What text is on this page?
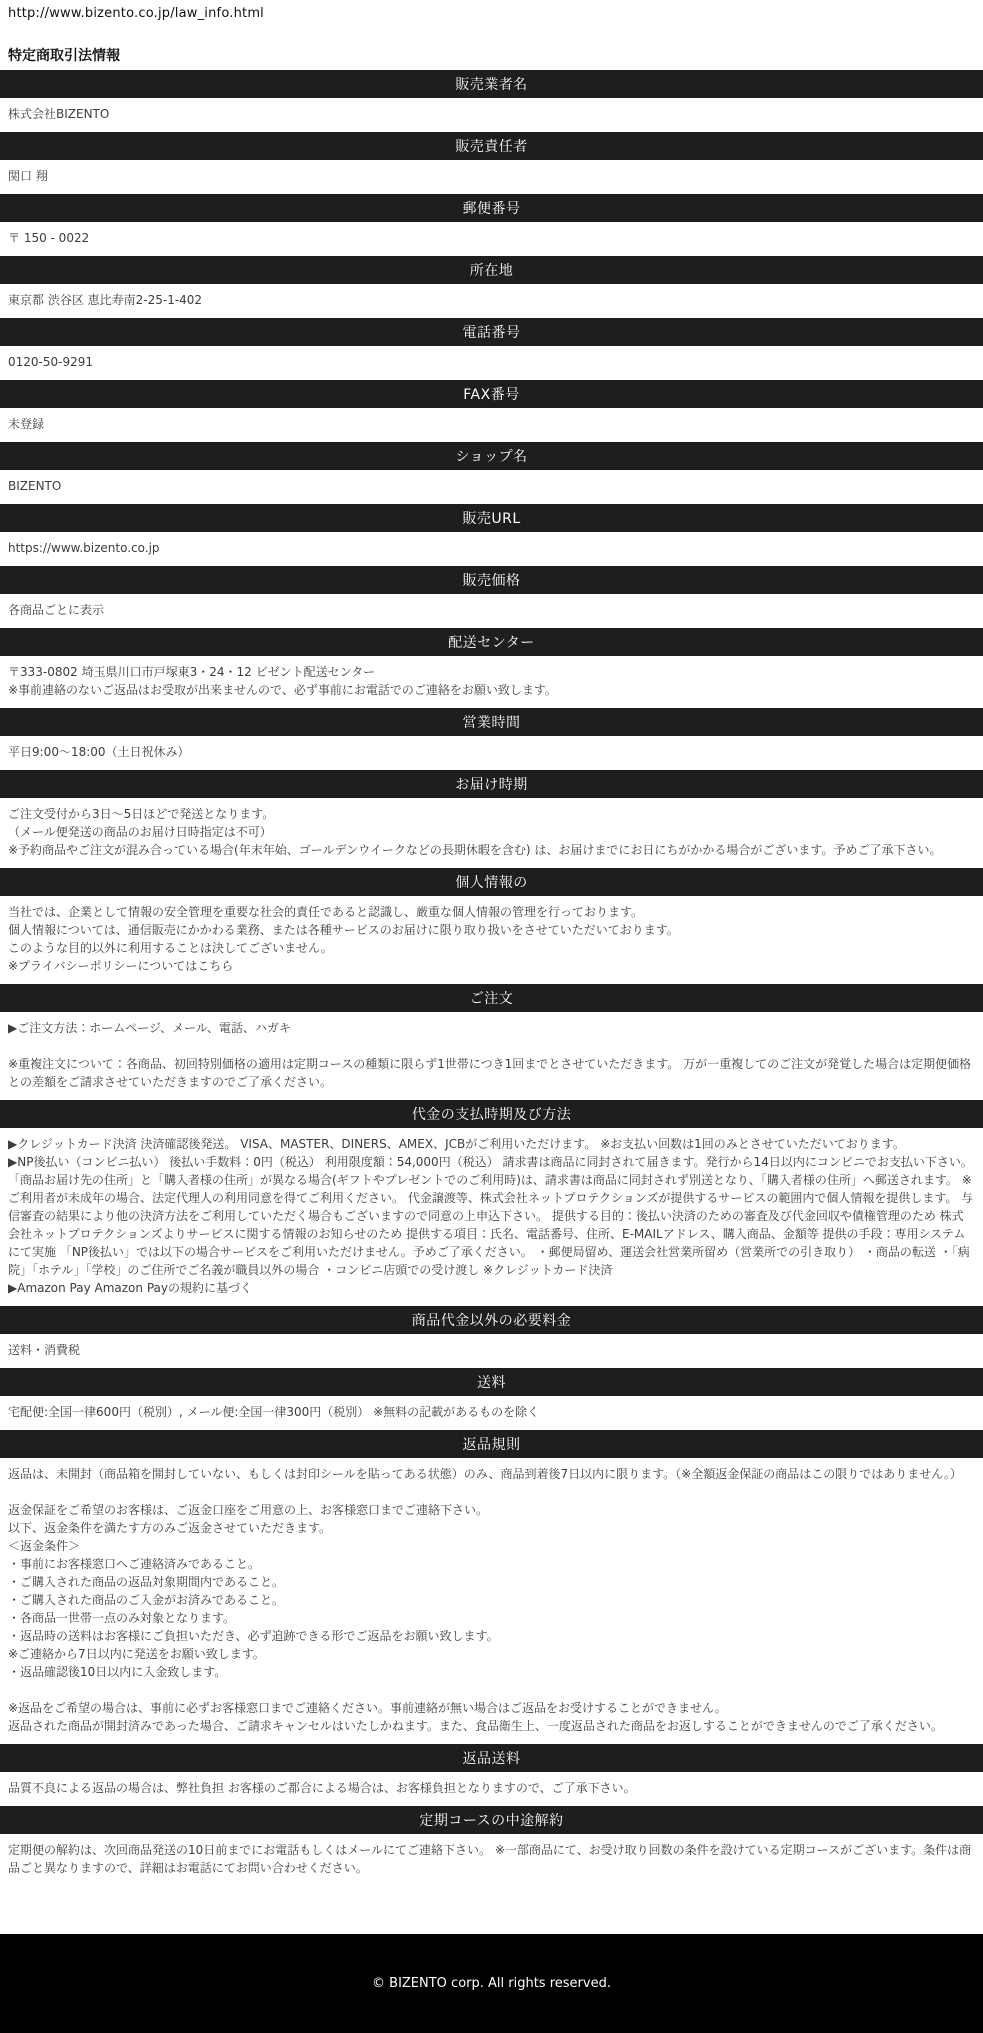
http://www.bizento.co.jp/law_info.html
特定商取引法情報
販売業者名

株式会社BIZENTO

販売責任者

関口 翔

郵便番号

〒 150 - 0022

所在地

東京都 渋谷区 恵比寿南2-25-1-402

電話番号

0120-50-9291

FAX番号

未登録

ショップ名

BIZENTO

販売URL

https://www.bizento.co.jp

販売価格

各商品ごとに表示

配送センター

〒333-0802 埼玉県川口市戸塚東3・24・12 ビゼント配送センター

※事前連絡のないご返品はお受取が出来ませんので、必ず事前にお電話でのご連絡をお願い致します。

営業時間

平日9:00〜18:00（土日祝休み）

お届け時期

ご注文受付から3日〜5日ほどで発送となります。

（メール便発送の商品のお届け日時指定は不可）

※予約商品やご注文が混み合っている場合(年末年始、ゴールデンウイークなどの長期休暇を含む) は、お届けまでにお日にちがかかる場合がございます。予めご了承下さい。

個人情報の

当社では、企業として情報の安全管理を重要な社会的責任であると認識し、厳重な個人情報の管理を行っております。

個人情報については、通信販売にかかわる業務、または各種サービスのお届けに限り取り扱いをさせていただいております。

このような目的以外に利用することは決してございません。

※プライバシーポリシーについてはこちら

ご注文

▶ご注文方法：ホームページ、メール、電話、ハガキ

※重複注文について：各商品、初回特別価格の適用は定期コースの種類に限らず1世帯につき1回までとさせていただきます。 万が一重複してのご注文が発覚した場合は定期便価格との差額をご請求させていただきますのでご了承ください。

代金の支払時期及び方法

▶クレジットカード決済 決済確認後発送。 VISA、MASTER、DINERS、AMEX、JCBがご利用いただけます。 ※お支払い回数は1回のみとさせていただいております。

▶NP後払い（コンビニ払い） 後払い手数料：0円（税込） 利用限度額：54,000円（税込） 請求書は商品に同封されて届きます。発行から14日以内にコンビニでお支払い下さい。「商品お届け先の住所」と「購入者様の住所」が異なる場合(ギフトやプレゼントでのご利用時)は、請求書は商品に同封されず別送となり、「購入者様の住所」へ郵送されます。 ※ご利用者が未成年の場合、法定代理人の利用同意を得てご利用ください。 代金譲渡等、株式会社ネットプロテクションズが提供するサービスの範囲内で個人情報を提供します。 与信審査の結果により他の決済方法をご利用していただく場合もございますので同意の上申込下さい。 提供する目的：後払い決済のための審査及び代金回収や債権管理のため 株式会社ネットプロテクションズよりサービスに関する情報のお知らせのため 提供する項目：氏名、電話番号、住所、E-MAILアドレス、購入商品、金額等 提供の手段：専用システムにて実施 「NP後払い」では以下の場合サービスをご利用いただけません。予めご了承ください。 ・郵便局留め、運送会社営業所留め（営業所での引き取り） ・商品の転送 ・「病院」「ホテル」「学校」のご住所でご名義が職員以外の場合 ・コンビニ店頭での受け渡し ※クレジットカード決済

▶Amazon Pay Amazon Payの規約に基づく

商品代金以外の必要料金

送料・消費税

送料

宅配便:全国一律600円（税別）, メール便:全国一律300円（税別） ※無料の記載があるものを除く

返品規則

返品は、未開封（商品箱を開封していない、もしくは封印シールを貼ってある状態）のみ、商品到着後7日以内に限ります。（※全額返金保証の商品はこの限りではありません。）

返金保証をご希望のお客様は、ご返金口座をご用意の上、お客様窓口までご連絡下さい。

以下、返金条件を満たす方のみご返金させていただきます。

＜返金条件＞

・事前にお客様窓口へご連絡済みであること。

・ご購入された商品の返品対象期間内であること。

・ご購入された商品のご入金がお済みであること。

・各商品一世帯一点のみ対象となります。

・返品時の送料はお客様にご負担いただき、必ず追跡できる形でご返品をお願い致します。

※ご連絡から7日以内に発送をお願い致します。

・返品確認後10日以内に入金致します。

※返品をご希望の場合は、事前に必ずお客様窓口までご連絡ください。事前連絡が無い場合はご返品をお受けすることができません。

返品された商品が開封済みであった場合、ご請求キャンセルはいたしかねます。また、食品衛生上、一度返品された商品をお返しすることができませんのでご了承ください。

返品送料

品質不良による返品の場合は、弊社負担 お客様のご都合による場合は、お客様負担となりますので、ご了承下さい。

定期コースの中途解約

定期便の解約は、次回商品発送の10日前までにお電話もしくはメールにてご連絡下さい。 ※一部商品にて、お受け取り回数の条件を設けている定期コースがございます。条件は商品ごと異なりますので、詳細はお電話にてお問い合わせください。

© BIZENTO corp. All rights reserved.
